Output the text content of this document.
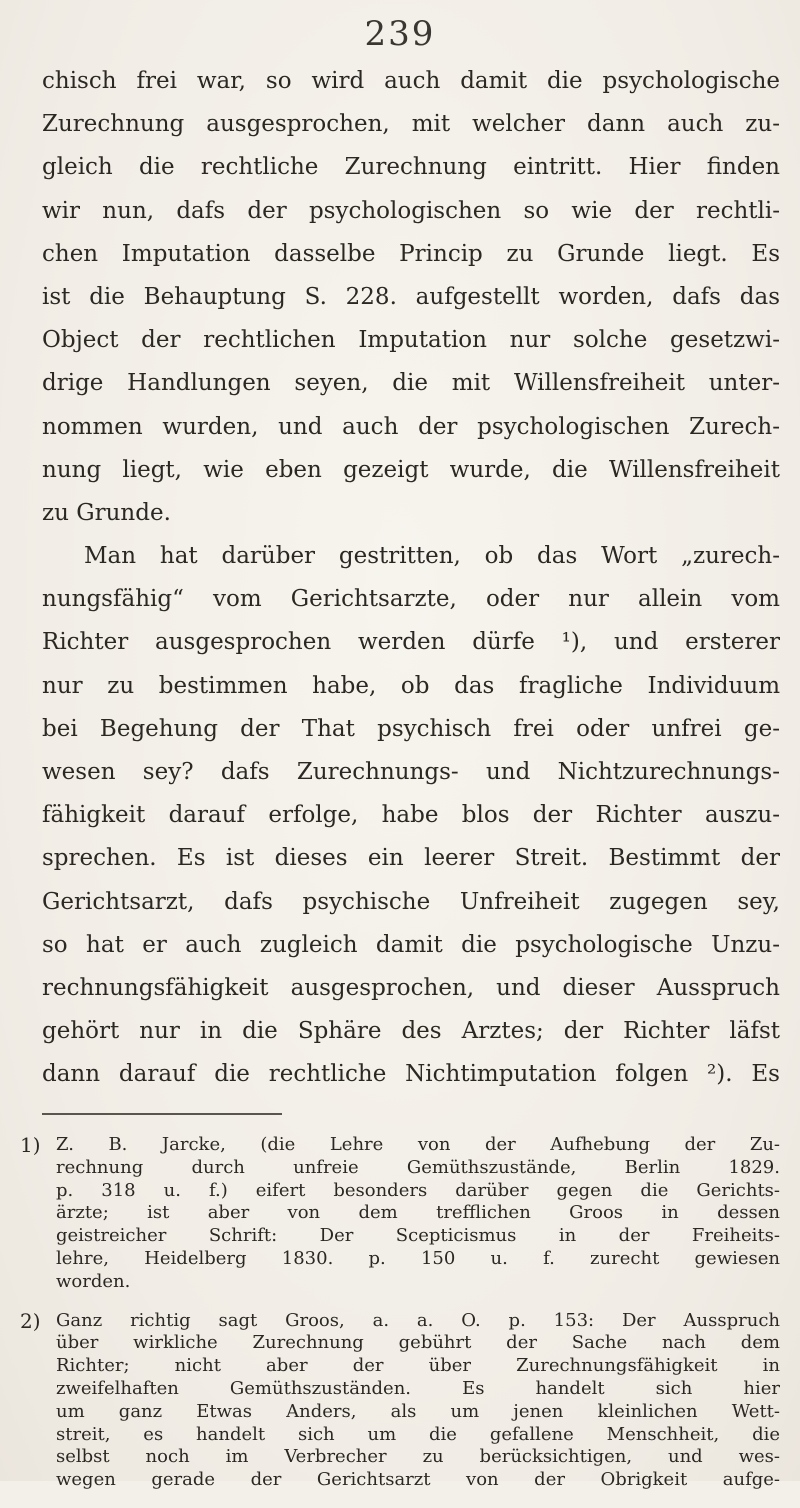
239
chisch frei war, so wird auch damit die psychologische
Zurechnung ausgesprochen, mit welcher dann auch zu-
gleich die rechtliche Zurechnung eintritt. Hier finden
wir nun, dafs der psychologischen so wie der rechtli-
chen Imputation dasselbe Princip zu Grunde liegt. Es
ist die Behauptung S. 228. aufgestellt worden, dafs das
Object der rechtlichen Imputation nur solche gesetzwi-
drige Handlungen seyen, die mit Willensfreiheit unter-
nommen wurden, und auch der psychologischen Zurech-
nung liegt, wie eben gezeigt wurde, die Willensfreiheit
zu Grunde.
Man hat darüber gestritten, ob das Wort „zurech-
nungsfähig“ vom Gerichtsarzte, oder nur allein vom
Richter ausgesprochen werden dürfe ¹), und ersterer
nur zu bestimmen habe, ob das fragliche Individuum
bei Begehung der That psychisch frei oder unfrei ge-
wesen sey? dafs Zurechnungs- und Nichtzurechnungs-
fähigkeit darauf erfolge, habe blos der Richter auszu-
sprechen. Es ist dieses ein leerer Streit. Bestimmt der
Gerichtsarzt, dafs psychische Unfreiheit zugegen sey,
so hat er auch zugleich damit die psychologische Unzu-
rechnungsfähigkeit ausgesprochen, und dieser Ausspruch
gehört nur in die Sphäre des Arztes; der Richter läfst
dann darauf die rechtliche Nichtimputation folgen ²). Es
1) Z. B. Jarcke, (die Lehre von der Aufhebung der Zu-
rechnung durch unfreie Gemüthszustände, Berlin 1829.
p. 318 u. f.) eifert besonders darüber gegen die Gerichts-
ärzte; ist aber von dem trefflichen Groos in dessen
geistreicher Schrift: Der Scepticismus in der Freiheits-
lehre, Heidelberg 1830. p. 150 u. f. zurecht gewiesen
worden.
2) Ganz richtig sagt Groos, a. a. O. p. 153: Der Ausspruch
über wirkliche Zurechnung gebührt der Sache nach dem
Richter; nicht aber der über Zurechnungsfähigkeit in
zweifelhaften Gemüthszuständen. Es handelt sich hier
um ganz Etwas Anders, als um jenen kleinlichen Wett-
streit, es handelt sich um die gefallene Menschheit, die
selbst noch im Verbrecher zu berücksichtigen, und wes-
wegen gerade der Gerichtsarzt von der Obrigkeit aufge-
